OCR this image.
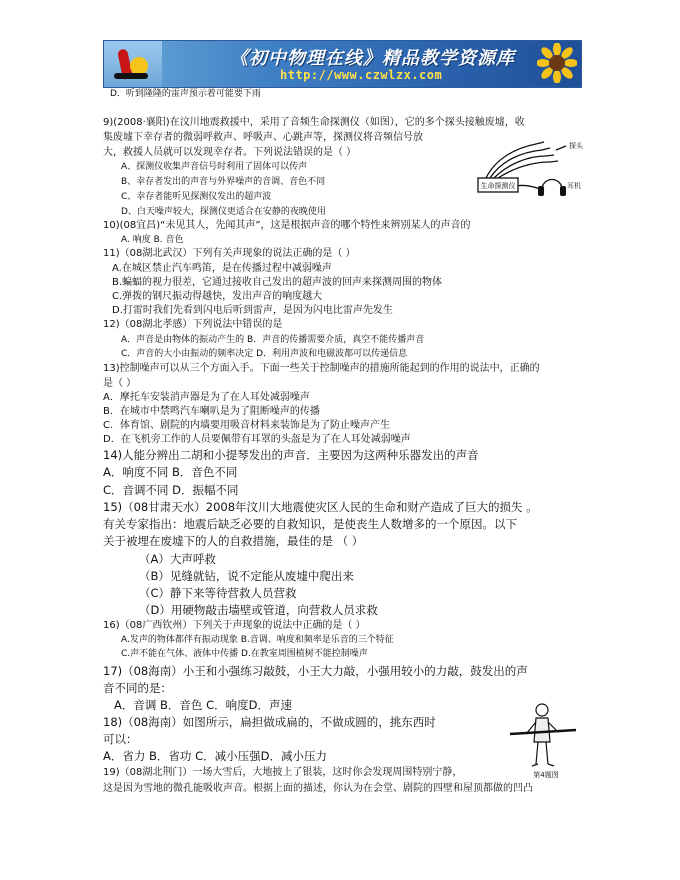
《初中物理在线》精品教学资源库
http://www.czwlzx.com
D．听到隆隆的雷声预示着可能要下雨
9)(2008·襄阳)在汶川地震救援中，采用了音频生命探测仪（如图），它的多个探头接触废墟，收
集废墟下幸存者的微弱呼救声、呼吸声、心跳声等，探测仪将音频信号放
大，救援人员就可以发现幸存者。下列说法错误的是（ ）
A、探测仪收集声音信号时利用了固体可以传声
B、幸存者发出的声音与外界噪声的音调、音色不同
C、幸存者能听见探测仪发出的超声波
D、白天噪声较大，探测仪更适合在安静的夜晚使用
10)(08宜昌)“未见其人，先闻其声”，这是根据声音的哪个特性来辨别某人的声音的
A. 响度 B. 音色
11)（08湖北武汉）下列有关声现象的说法正确的是（ ）
A.在城区禁止汽车鸣笛，是在传播过程中减弱噪声
B.蝙蝠的视力很差，它通过接收自己发出的超声波的回声来探测周围的物体
C.弹拨的钢尺振动得越快，发出声音的响度越大
D.打雷时我们先看到闪电后听到雷声，是因为闪电比雷声先发生
12)（08湖北孝感）下列说法中错误的是
A．声音是由物体的振动产生的 B．声音的传播需要介质，真空不能传播声音
C．声音的大小由振动的频率决定 D．利用声波和电磁波都可以传递信息
13)控制噪声可以从三个方面入手。下面一些关于控制噪声的措施所能起到的作用的说法中，正确的
是（ ）
A．摩托车安装消声器是为了在人耳处减弱噪声
B．在城市中禁鸣汽车喇叭是为了阻断噪声的传播
C．体育馆、剧院的内墙要用吸音材料来装饰是为了防止噪声产生
D．在飞机旁工作的人员要佩带有耳罩的头盔是为了在人耳处减弱噪声
14)人能分辨出二胡和小提琴发出的声音．主要因为这两种乐器发出的声音
A．响度不同 B．音色不同
C．音调不同 D．振幅不同
15)（08甘肃天水）2008年汶川大地震使灾区人民的生命和财产造成了巨大的损失 。
有关专家指出：地震后缺乏必要的自救知识，是使丧生人数增多的一个原因。以下
关于被埋在废墟下的人的自救措施，最佳的是 （ ）
（A）大声呼救
（B）见缝就钻，说不定能从废墟中爬出来
（C）静下来等待营救人员营救
（D）用硬物敲击墙壁或管道，向营救人员求救
16)（08广西钦州）下列关于声现象的说法中正确的是（ ）
A.发声的物体都伴有振动现象 B.音调、响度和频率是乐音的三个特征
C.声不能在气体、液体中传播 D.在教室周围植树不能控制噪声
17)（08海南）小王和小强练习敲鼓，小王大力敲，小强用较小的力敲，鼓发出的声
音不同的是：
A．音调 B．音色 C．响度D．声速
18)（08海南）如图所示，扁担做成扁的，不做成圆的，挑东西时
可以：
A．省力 B．省功 C．减小压强D．减小压力
19)（08湖北荆门）一场大雪后，大地披上了银装，这时你会发现周围特别宁静，
这是因为雪地的微孔能吸收声音。根据上面的描述，你认为在会堂、剧院的四壁和屋顶都做的凹凸
生命探测仪
探头
耳机
第4题图
